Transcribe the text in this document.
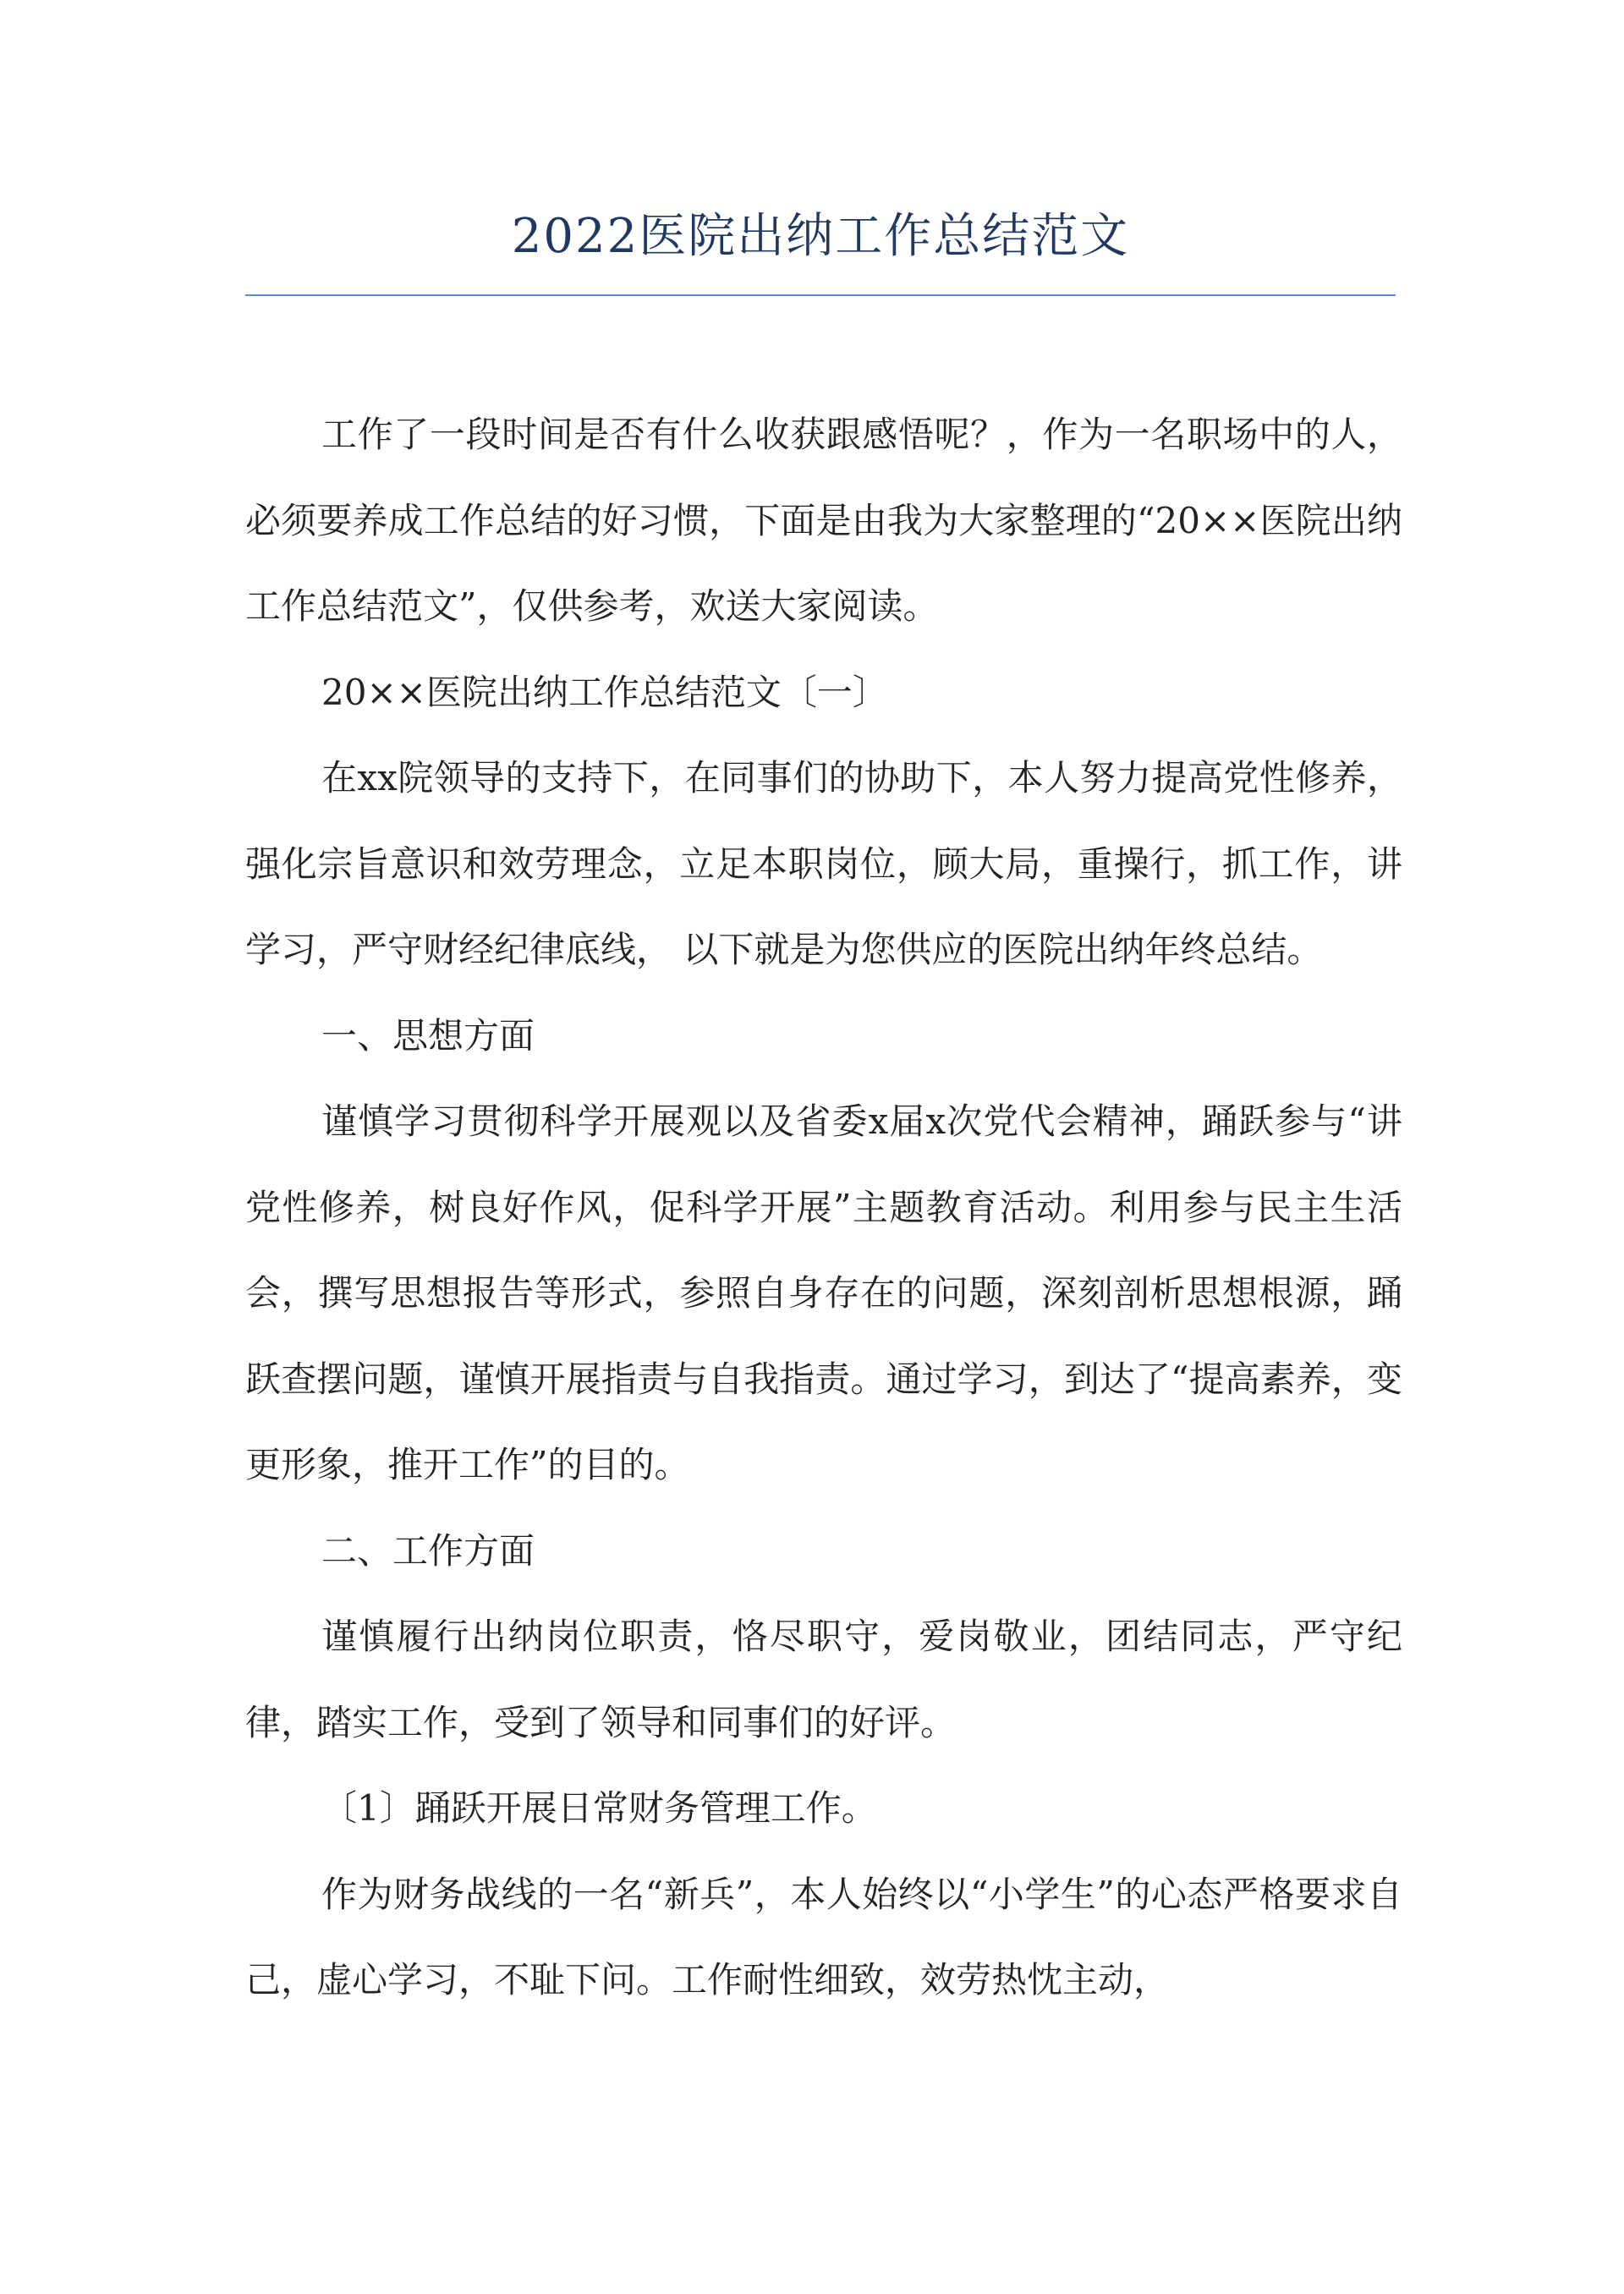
2022医院出纳工作总结范文

工作了一段时间是否有什么收获跟感悟呢？，作为一名职场中的人，必须要养成工作总结的好习惯，下面是由我为大家整理的“20××医院出纳工作总结范文”，仅供参考，欢送大家阅读。

20××医院出纳工作总结范文〔一〕

在xx院领导的支持下，在同事们的协助下，本人努力提高党性修养，强化宗旨意识和效劳理念，立足本职岗位，顾大局，重操行，抓工作，讲学习，严守财经纪律底线， 以下就是为您供应的医院出纳年终总结。

一、思想方面

谨慎学习贯彻科学开展观以及省委x届x次党代会精神，踊跃参与“讲党性修养，树良好作风，促科学开展”主题教育活动。利用参与民主生活会，撰写思想报告等形式，参照自身存在的问题，深刻剖析思想根源，踊跃查摆问题，谨慎开展指责与自我指责。通过学习，到达了“提高素养，变更形象，推开工作”的目的。

二、工作方面

谨慎履行出纳岗位职责，恪尽职守，爱岗敬业，团结同志，严守纪律，踏实工作，受到了领导和同事们的好评。

〔1〕踊跃开展日常财务管理工作。

作为财务战线的一名“新兵”，本人始终以“小学生”的心态严格要求自己，虚心学习，不耻下问。工作耐性细致，效劳热忱主动，
